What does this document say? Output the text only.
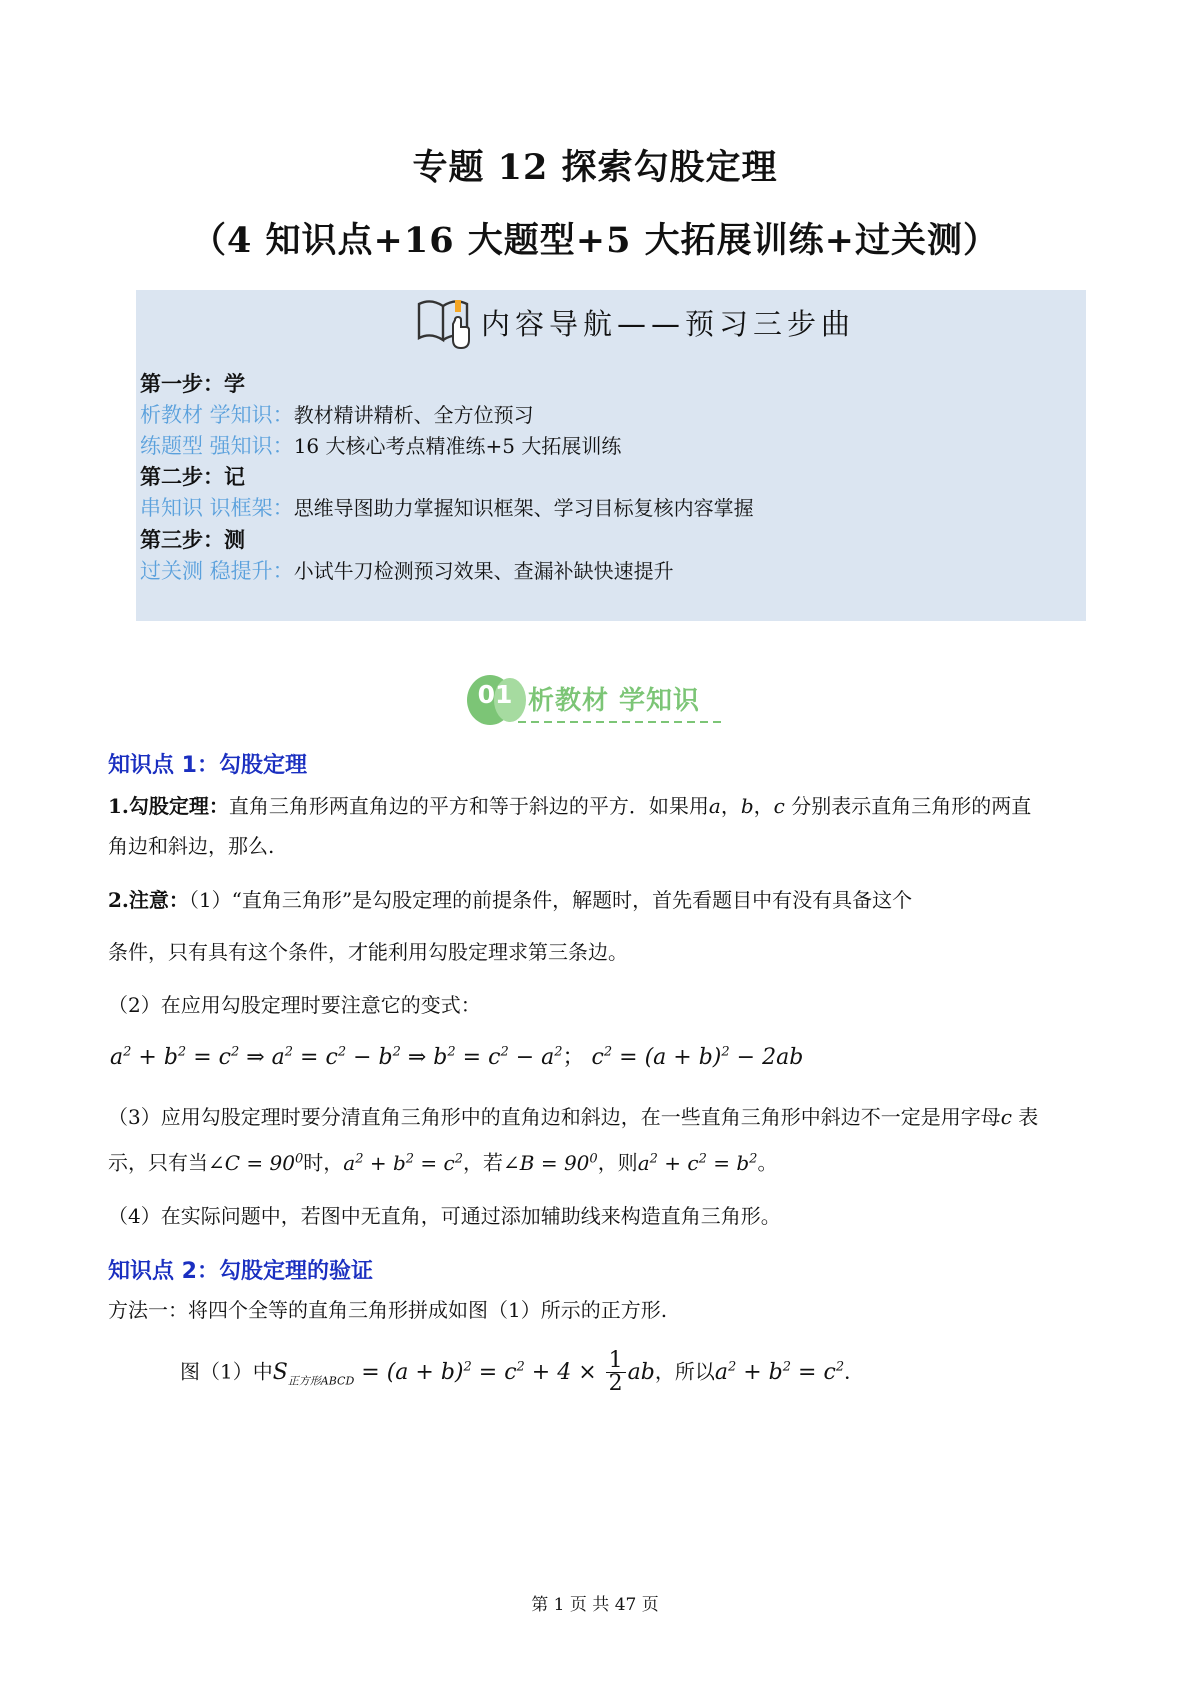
专题 12 探索勾股定理
（4 知识点+16 大题型+5 大拓展训练+过关测）
内容导航——预习三步曲
第一步：学
析教材 学知识：教材精讲精析、全方位预习
练题型 强知识：16 大核心考点精准练+5 大拓展训练
第二步：记
串知识 识框架：思维导图助力掌握知识框架、学习目标复核内容掌握
第三步：测
过关测 稳提升：小试牛刀检测预习效果、查漏补缺快速提升
01 析教材 学知识
知识点 1：勾股定理
1.勾股定理：直角三角形两直角边的平方和等于斜边的平方．如果用a，b，c 分别表示直角三角形的两直
角边和斜边，那么.
2.注意：（1）“直角三角形”是勾股定理的前提条件，解题时，首先看题目中有没有具备这个
条件，只有具有这个条件，才能利用勾股定理求第三条边。
（2）在应用勾股定理时要注意它的变式：
$a^2 + b^2 = c^2$ ⇒ $a^2 = c^2 - b^2$ ⇒ $b^2 = c^2 - a^2$； $c^2 = (a + b)^2 - 2ab$
（3）应用勾股定理时要分清直角三角形中的直角边和斜边，在一些直角三角形中斜边不一定是用字母c 表
示，只有当∠C = $90^0$时，$a^2 + b^2 = c^2$，若∠B = $90^0$，则$a^2 + c^2 = b^2$。
（4）在实际问题中，若图中无直角，可通过添加辅助线来构造直角三角形。
知识点 2：勾股定理的验证
方法一：将四个全等的直角三角形拼成如图（1）所示的正方形.
图（1）中$S_{正方形ABCD} = (a + b)^2 = c^2 + 4 \times \frac{1}{2}$ ab，所以$a^2 + b^2 = c^2$．
第 1 页 共 47 页
